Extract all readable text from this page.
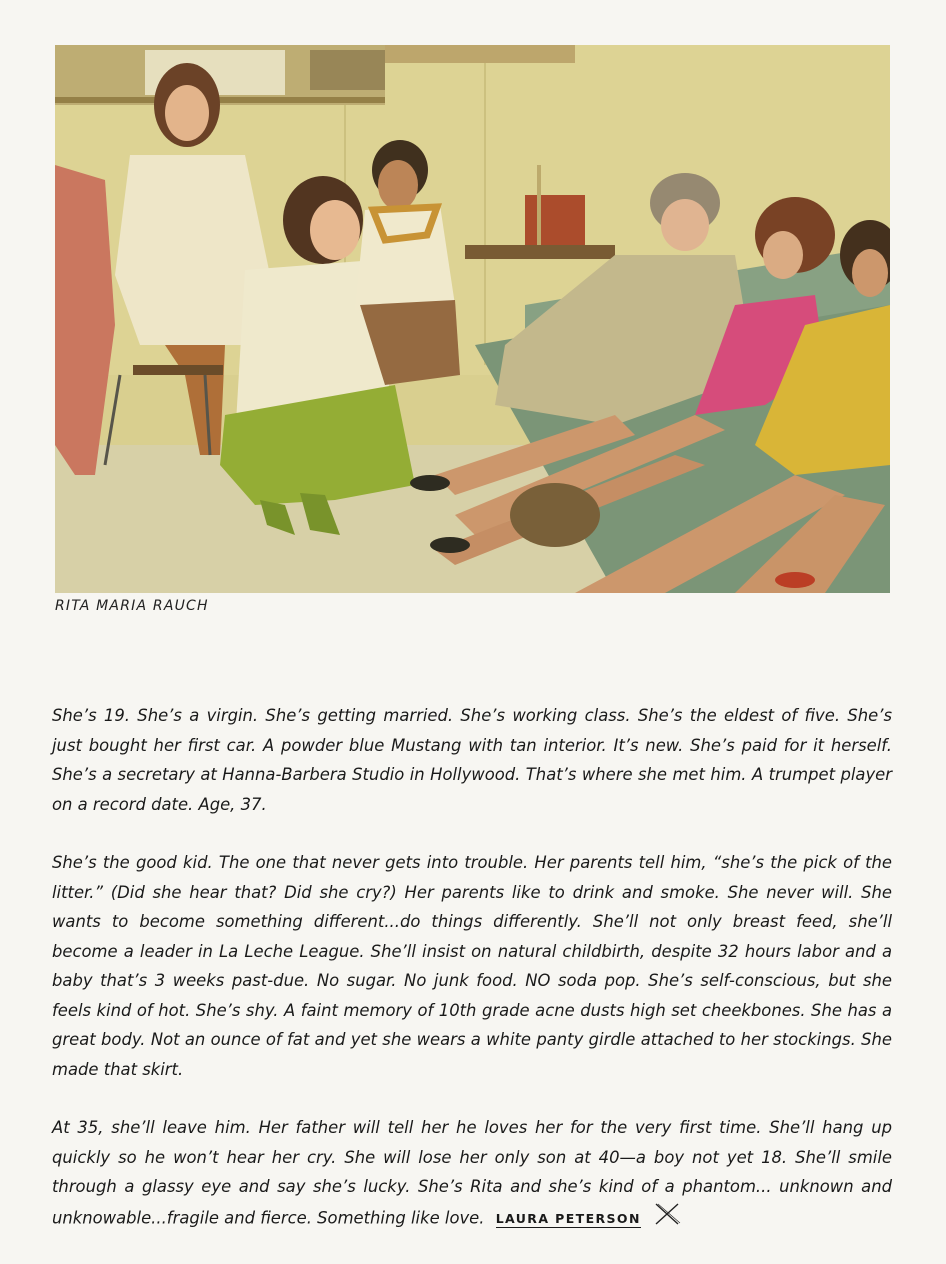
RITA MARIA RAUCH

She’s 19. She’s a virgin. She’s getting married. She’s working class. She’s the eldest of five. She’s just bought her first car. A powder blue Mustang with tan interior. It’s new. She’s paid for it herself. She’s a secretary at Hanna-Barbera Studio in Hollywood. That’s where she met him. A trumpet player on a record date. Age, 37.

She’s the good kid. The one that never gets into trouble. Her parents tell him, “she’s the pick of the litter.” (Did she hear that? Did she cry?) Her parents like to drink and smoke. She never will. She wants to become something different...do things differently. She’ll not only breast feed, she’ll become a leader in La Leche League. She’ll insist on natural childbirth, despite 32 hours labor and a baby that’s 3 weeks past-due. No sugar. No junk food. NO soda pop. She’s self-conscious, but she feels kind of hot. She’s shy. A faint memory of 10th grade acne dusts high set cheekbones. She has a great body. Not an ounce of fat and yet she wears a white panty girdle attached to her stockings. She made that skirt.

At 35, she’ll leave him. Her father will tell her he loves her for the very first time. She’ll hang up quickly so he won’t hear her cry. She will lose her only son at 40—a boy not yet 18. She’ll smile through a glassy eye and say she’s lucky. She’s Rita and she’s kind of a phantom... unknown and unknowable...fragile and fierce. Something like love. LAURA PETERSON
